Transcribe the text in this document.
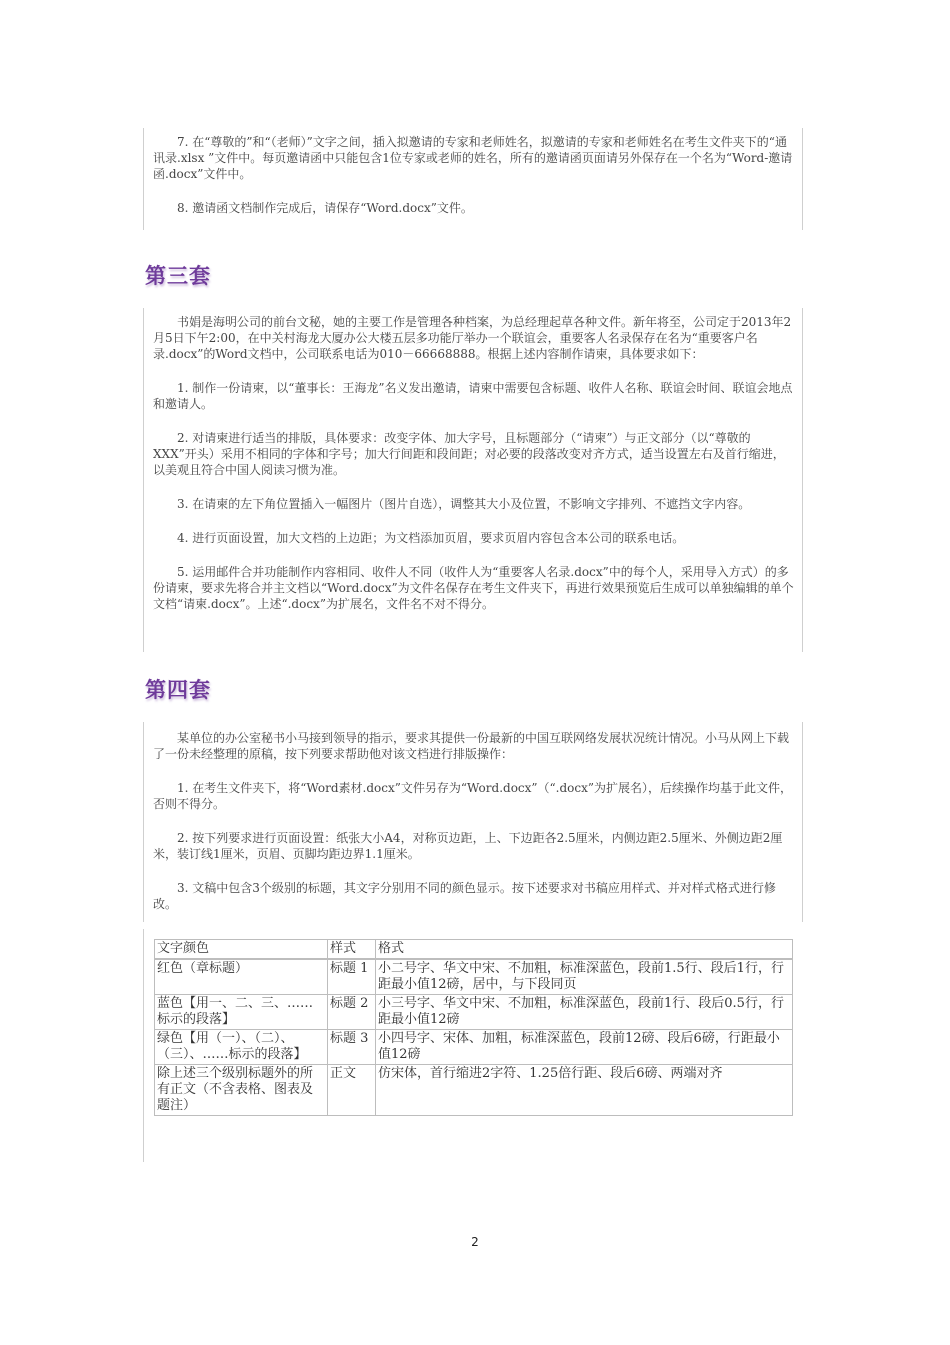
7. 在“尊敬的”和“（老师）”文字之间，插入拟邀请的专家和老师姓名，拟邀请的专家和老师姓名在考生文件夹下的“通讯录.xlsx ”文件中。每页邀请函中只能包含1位专家或老师的姓名，所有的邀请函页面请另外保存在一个名为“Word-邀请函.docx”文件中。

8. 邀请函文档制作完成后，请保存“Word.docx”文件。

第三套

书娟是海明公司的前台文秘，她的主要工作是管理各种档案，为总经理起草各种文件。新年将至，公司定于2013年2月5日下午2:00，在中关村海龙大厦办公大楼五层多功能厅举办一个联谊会，重要客人名录保存在名为“重要客户名录.docx”的Word文档中，公司联系电话为010－66668888。根据上述内容制作请柬，具体要求如下：

1. 制作一份请柬，以“董事长：王海龙”名义发出邀请，请柬中需要包含标题、收件人名称、联谊会时间、联谊会地点和邀请人。

2. 对请柬进行适当的排版，具体要求：改变字体、加大字号，且标题部分（“请柬”）与正文部分（以“尊敬的XXX”开头）采用不相同的字体和字号；加大行间距和段间距；对必要的段落改变对齐方式，适当设置左右及首行缩进，以美观且符合中国人阅读习惯为准。

3. 在请柬的左下角位置插入一幅图片（图片自选），调整其大小及位置，不影响文字排列、不遮挡文字内容。

4. 进行页面设置，加大文档的上边距；为文档添加页眉，要求页眉内容包含本公司的联系电话。

5. 运用邮件合并功能制作内容相同、收件人不同（收件人为“重要客人名录.docx”中的每个人，采用导入方式）的多份请柬，要求先将合并主文档以“Word.docx”为文件名保存在考生文件夹下，再进行效果预览后生成可以单独编辑的单个文档“请柬.docx”。上述“.docx”为扩展名，文件名不对不得分。

第四套

某单位的办公室秘书小马接到领导的指示，要求其提供一份最新的中国互联网络发展状况统计情况。小马从网上下载了一份未经整理的原稿，按下列要求帮助他对该文档进行排版操作：

1. 在考生文件夹下，将“Word素材.docx”文件另存为“Word.docx”（“.docx”为扩展名），后续操作均基于此文件，否则不得分。

2. 按下列要求进行页面设置：纸张大小A4，对称页边距，上、下边距各2.5厘米，内侧边距2.5厘米、外侧边距2厘米，装订线1厘米，页眉、页脚均距边界1.1厘米。

3. 文稿中包含3个级别的标题，其文字分别用不同的颜色显示。按下述要求对书稿应用样式、并对样式格式进行修改。

文字颜色	样式	格式
红色（章标题）	标题 1	小二号字、华文中宋、不加粗，标准深蓝色，段前1.5行、段后1行，行距最小值12磅，居中，与下段同页
蓝色【用一、二、三、……标示的段落】	标题 2	小三号字、华文中宋、不加粗，标准深蓝色，段前1行、段后0.5行，行距最小值12磅
绿色【用（一）、（二）、（三）、……标示的段落】	标题 3	小四号字、宋体、加粗，标准深蓝色，段前12磅、段后6磅，行距最小值12磅
除上述三个级别标题外的所有正文（不含表格、图表及题注）	正文	仿宋体，首行缩进2字符、1.25倍行距、段后6磅、两端对齐
2
